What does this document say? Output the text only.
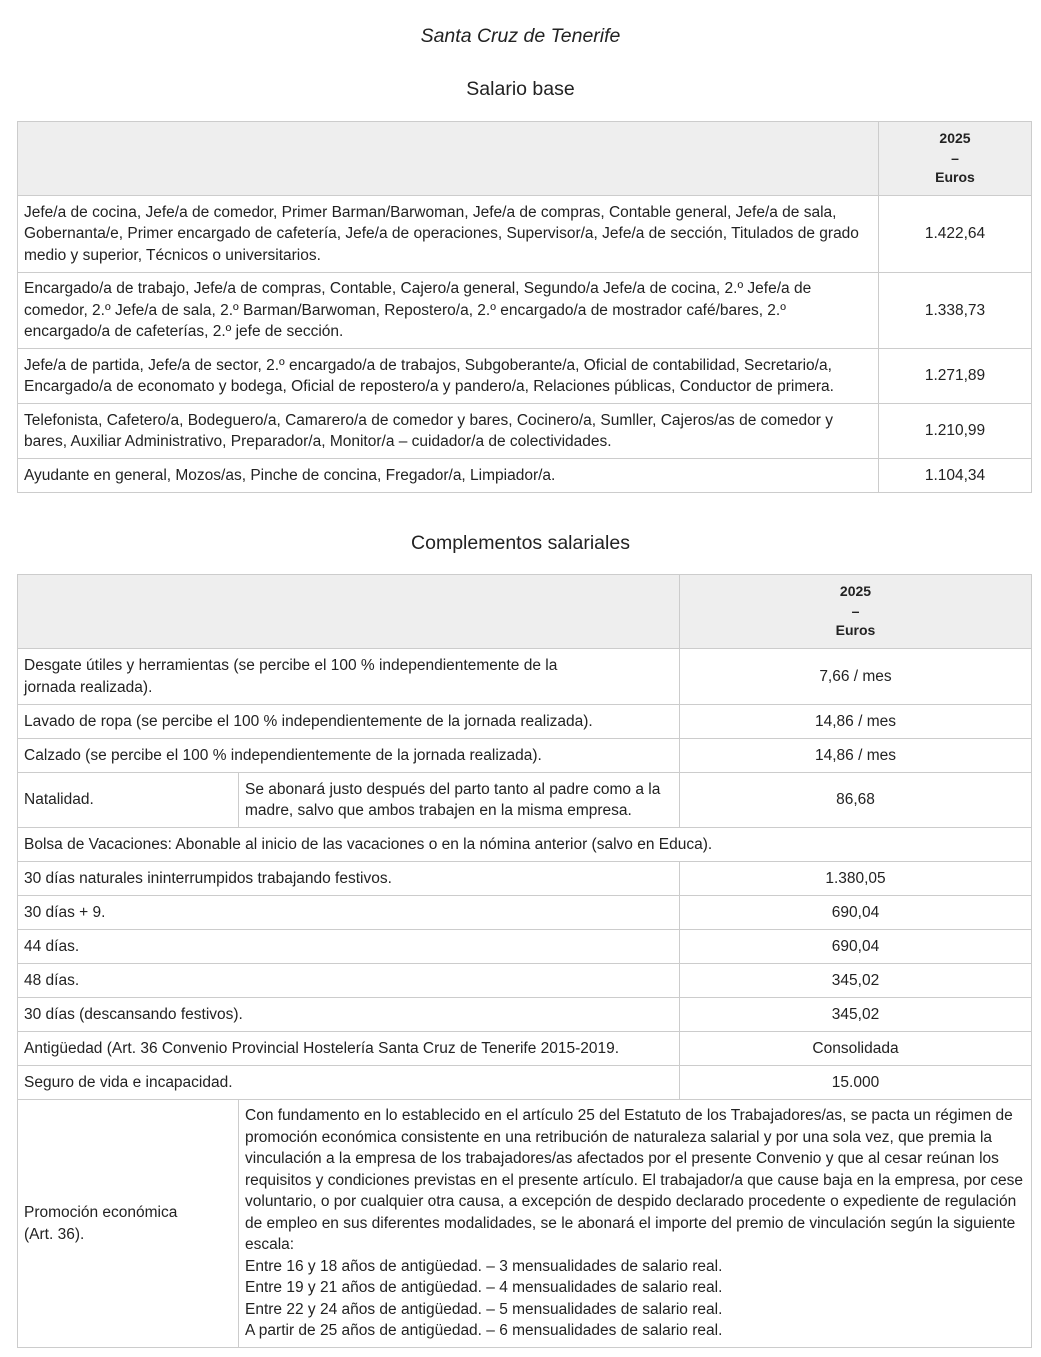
Santa Cruz de Tenerife
Salario base

	2025
–
Euros

Jefe/a de cocina, Jefe/a de comedor, Primer Barman/Barwoman, Jefe/a de compras, Contable general, Jefe/a de sala, Gobernanta/e, Primer encargado de cafetería, Jefe/a de operaciones, Supervisor/a, Jefe/a de sección, Titulados de grado medio y superior, Técnicos o universitarios.	1.422,64
Encargado/a de trabajo, Jefe/a de compras, Contable, Cajero/a general, Segundo/a Jefe/a de cocina, 2.º Jefe/a de comedor, 2.º Jefe/a de sala, 2.º Barman/Barwoman, Repostero/a, 2.º encargado/a de mostrador café/bares, 2.º encargado/a de cafeterías, 2.º jefe de sección.	1.338,73
Jefe/a de partida, Jefe/a de sector, 2.º encargado/a de trabajos, Subgoberante/a, Oficial de contabilidad, Secretario/a, Encargado/a de economato y bodega, Oficial de repostero/a y pandero/a, Relaciones públicas, Conductor de primera.	1.271,89
Telefonista, Cafetero/a, Bodeguero/a, Camarero/a de comedor y bares, Cocinero/a, Sumller, Cajeros/as de comedor y bares, Auxiliar Administrativo, Preparador/a, Monitor/a – cuidador/a de colectividades.	1.210,99
Ayudante en general, Mozos/as, Pinche de concina, Fregador/a, Limpiador/a.	1.104,34
Complementos salariales

		2025
–
Euros

Desgate útiles y herramientas (se percibe el 100 % independientemente de la jornada realizada).		7,66 / mes
Lavado de ropa (se percibe el 100 % independientemente de la jornada realizada).		14,86 / mes
Calzado (se percibe el 100 % independientemente de la jornada realizada).		14,86 / mes
Natalidad.	Se abonará justo después del parto tanto al padre como a la madre, salvo que ambos trabajen en la misma empresa.	86,68
Bolsa de Vacaciones: Abonable al inicio de las vacaciones o en la nómina anterior (salvo en Educa).		
30 días naturales ininterrumpidos trabajando festivos.		1.380,05
30 días + 9.		690,04
44 días.		690,04
48 días.		345,02
30 días (descansando festivos).		345,02
Antigüedad (Art. 36 Convenio Provincial Hostelería Santa Cruz de Tenerife 2015-2019.		Consolidada
Seguro de vida e incapacidad.		15.000

Promoción económica
(Art. 36).	Con fundamento en lo establecido en el artículo 25 del Estatuto de los Trabajadores/as, se pacta un régimen de promoción económica consistente en una retribución de naturaleza salarial y por una sola vez, que premia la vinculación a la empresa de los trabajadores/as afectados por el presente Convenio y que al cesar reúnan los requisitos y condiciones previstas en el presente artículo. El trabajador/a que cause baja en la empresa, por cese voluntario, o por cualquier otra causa, a excepción de despido declarado procedente o expediente de regulación de empleo en sus diferentes modalidades, se le abonará el importe del premio de vinculación según la siguiente escala:
Entre 16 y 18 años de antigüedad. – 3 mensualidades de salario real.
Entre 19 y 21 años de antigüedad. – 4 mensualidades de salario real.
Entre 22 y 24 años de antigüedad. – 5 mensualidades de salario real.
A partir de 25 años de antigüedad. – 6 mensualidades de salario real.	
